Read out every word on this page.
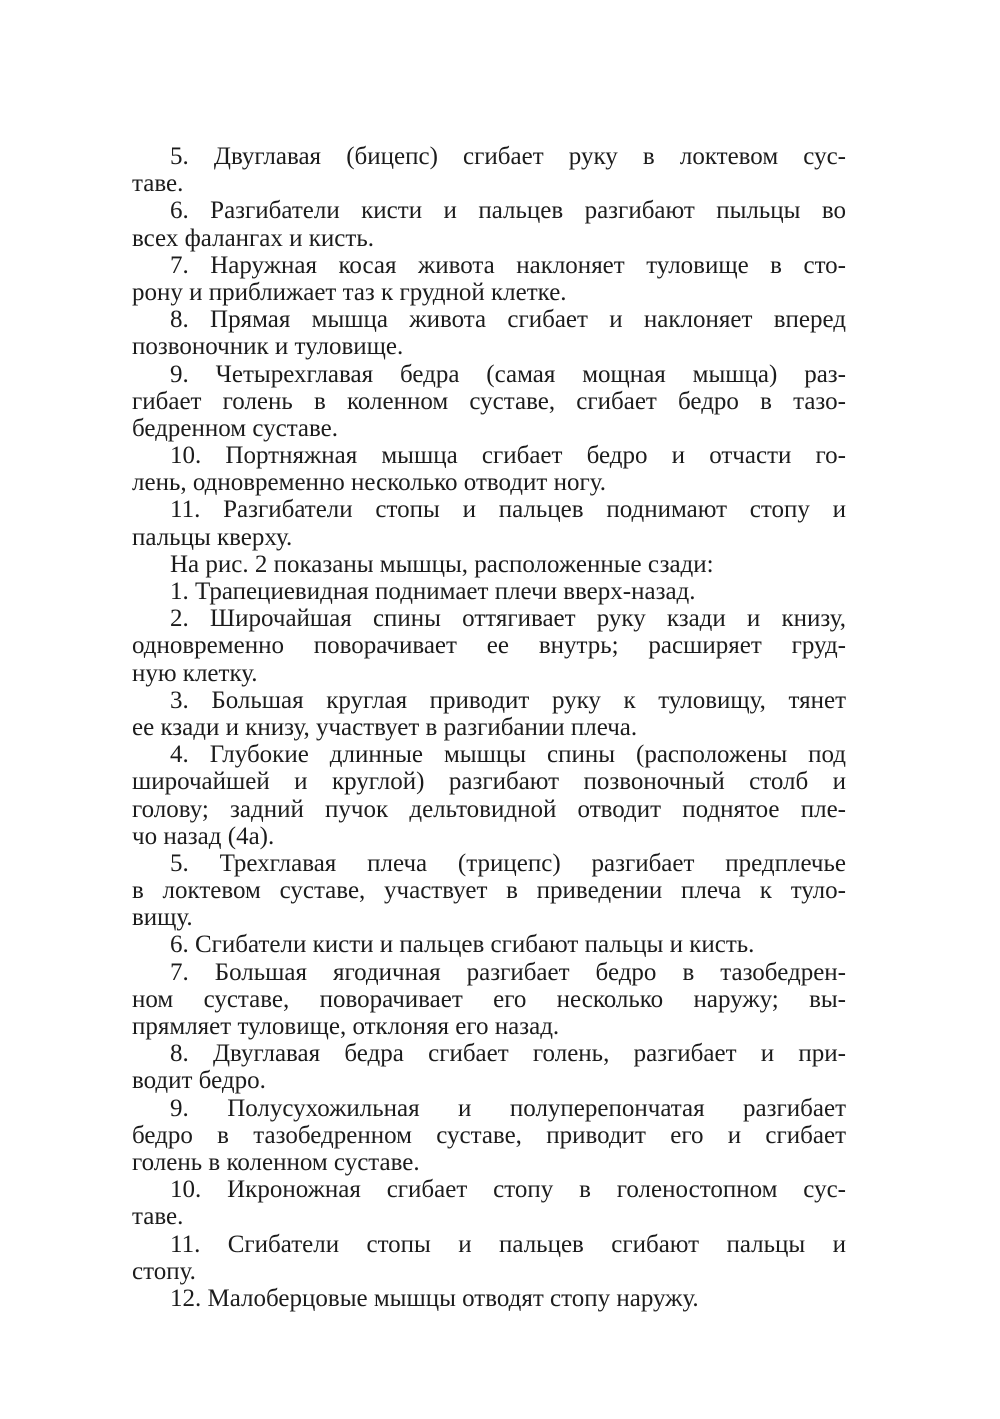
5. Двуглавая (бицепс) сгибает руку в локтевом сус-
таве.
6. Разгибатели кисти и пальцев разгибают пыльцы во
всех фалангах и кисть.
7. Наружная косая живота наклоняет туловище в сто-
рону и приближает таз к грудной клетке.
8. Прямая мышца живота сгибает и наклоняет вперед
позвоночник и туловище.
9. Четырехглавая бедра (самая мощная мышца) раз-
гибает голень в коленном суставе, сгибает бедро в тазо-
бедренном суставе.
10. Портняжная мышца сгибает бедро и отчасти го-
лень, одновременно несколько отводит ногу.
11. Разгибатели стопы и пальцев поднимают стопу и
пальцы кверху.
На рис. 2 показаны мышцы, расположенные сзади:
1. Трапециевидная поднимает плечи вверх-назад.
2. Широчайшая спины оттягивает руку кзади и книзу,
одновременно поворачивает ее внутрь; расширяет груд-
ную клетку.
3. Большая круглая приводит руку к туловищу, тянет
ее кзади и книзу, участвует в разгибании плеча.
4. Глубокие длинные мышцы спины (расположены под
широчайшей и круглой) разгибают позвоночный столб и
голову; задний пучок дельтовидной отводит поднятое пле-
чо назад (4а).
5. Трехглавая плеча (трицепс) разгибает предплечье
в локтевом суставе, участвует в приведении плеча к туло-
вищу.
6. Сгибатели кисти и пальцев сгибают пальцы и кисть.
7. Большая ягодичная разгибает бедро в тазобедрен-
ном суставе, поворачивает его несколько наружу; вы-
прямляет туловище, отклоняя его назад.
8. Двуглавая бедра сгибает голень, разгибает и при-
водит бедро.
9. Полусухожильная и полуперепончатая разгибает
бедро в тазобедренном суставе, приводит его и сгибает
голень в коленном суставе.
10. Икроножная сгибает стопу в голеностопном сус-
таве.
11. Сгибатели стопы и пальцев сгибают пальцы и
стопу.
12. Малоберцовые мышцы отводят стопу наружу.
